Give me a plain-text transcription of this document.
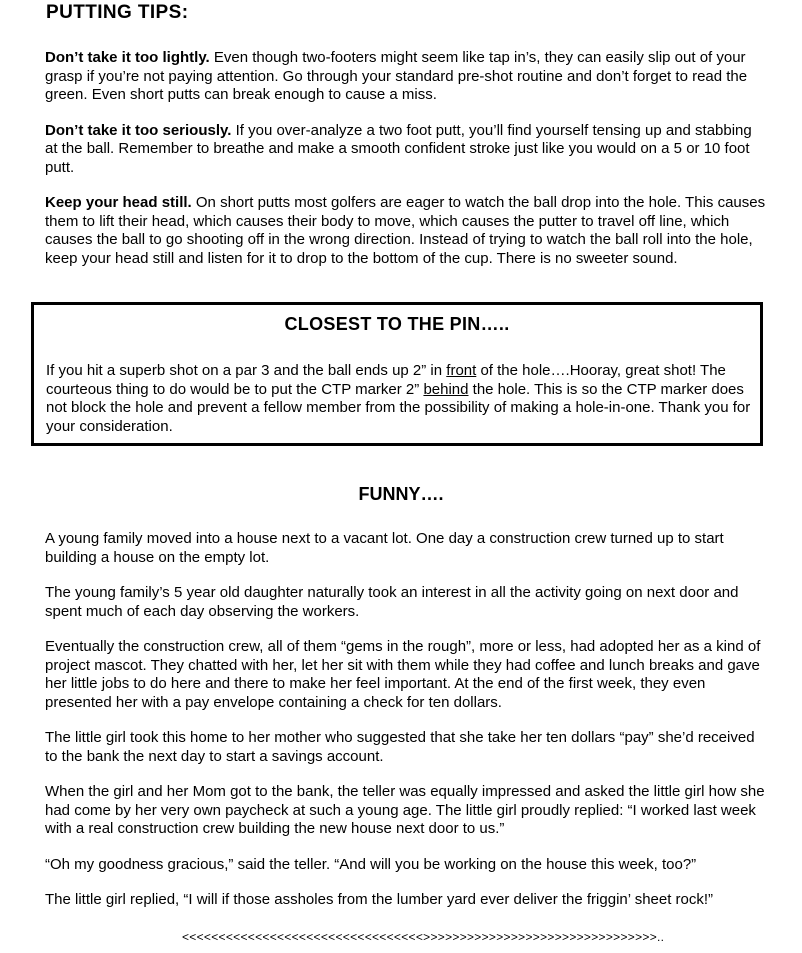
PUTTING TIPS:

Don’t take it too lightly. Even though two-footers might seem like tap in’s, they can easily slip out of your grasp if you’re not paying attention. Go through your standard pre-shot routine and don’t forget to read the green. Even short putts can break enough to cause a miss.

Don’t take it too seriously. If you over-analyze a two foot putt, you’ll find yourself tensing up and stabbing at the ball. Remember to breathe and make a smooth confident stroke just like you would on a 5 or 10 foot putt.

Keep your head still. On short putts most golfers are eager to watch the ball drop into the hole. This causes them to lift their head, which causes their body to move, which causes the putter to travel off line, which causes the ball to go shooting off in the wrong direction. Instead of trying to watch the ball roll into the hole, keep your head still and listen for it to drop to the bottom of the cup. There is no sweeter sound.

CLOSEST TO THE PIN…..

If you hit a superb shot on a par 3 and the ball ends up 2” in front of the hole….Hooray, great shot! The courteous thing to do would be to put the CTP marker 2” behind the hole. This is so the CTP marker does not block the hole and prevent a fellow member from the possibility of making a hole-in-one. Thank you for your consideration.

FUNNY….

A young family moved into a house next to a vacant lot. One day a construction crew turned up to start building a house on the empty lot.

The young family’s 5 year old daughter naturally took an interest in all the activity going on next door and spent much of each day observing the workers.

Eventually the construction crew, all of them “gems in the rough”, more or less, had adopted her as a kind of project mascot. They chatted with her, let her sit with them while they had coffee and lunch breaks and gave her little jobs to do here and there to make her feel important. At the end of the first week, they even presented her with a pay envelope containing a check for ten dollars.

The little girl took this home to her mother who suggested that she take her ten dollars “pay” she’d received to the bank the next day to start a savings account.

When the girl and her Mom got to the bank, the teller was equally impressed and asked the little girl how she had come by her very own paycheck at such a young age. The little girl proudly replied: “I worked last week with a real construction crew building the new house next door to us.”

“Oh my goodness gracious,” said the teller. “And will you be working on the house this week, too?”

The little girl replied, “I will if those assholes from the lumber yard ever deliver the friggin’ sheet rock!”

<<<<<<<<<<<<<<<<<<<<<<<<<<<<<<<<<>>>>>>>>>>>>>>>>>>>>>>>>>>>>>>>>..
